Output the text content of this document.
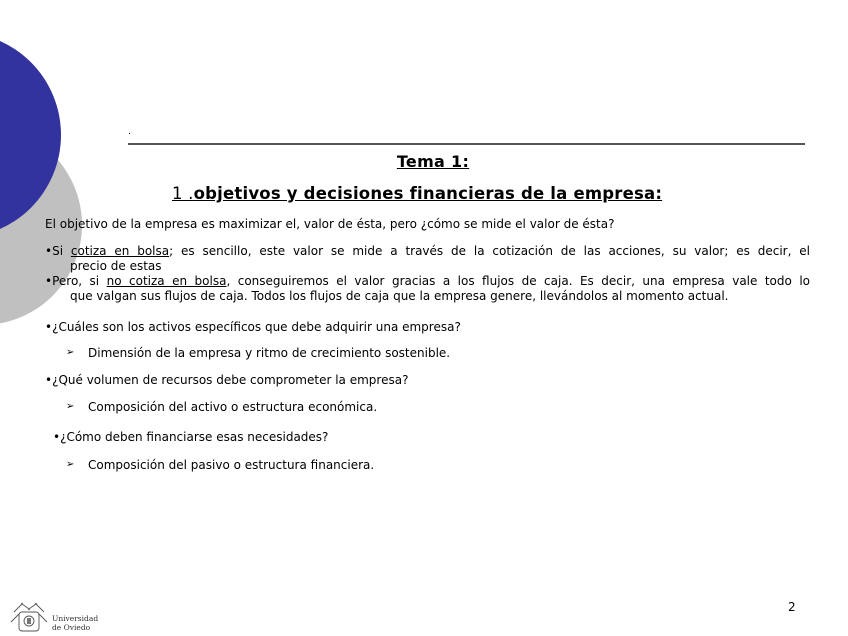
.
Tema 1:
1 .objetivos y decisiones financieras de la empresa:
El objetivo de la empresa es maximizar el, valor de ésta, pero ¿cómo se mide el valor de ésta?
•Si cotiza en bolsa; es sencillo, este valor se mide a través de la cotización de las acciones, su valor; es decir, el
precio de estas
•Pero, si no cotiza en bolsa, conseguiremos el valor gracias a los flujos de caja. Es decir, una empresa vale todo lo
que valgan sus flujos de caja. Todos los flujos de caja que la empresa genere, llevándolos al momento actual.
•¿Cuáles son los activos específicos que debe adquirir una empresa?
➢ Dimensión de la empresa y ritmo de crecimiento sostenible.
•¿Qué volumen de recursos debe comprometer la empresa?
➢ Composición del activo o estructura económica.
•¿Cómo deben financiarse esas necesidades?
➢ Composición del pasivo o estructura financiera.
2
Universidad
de Oviedo
